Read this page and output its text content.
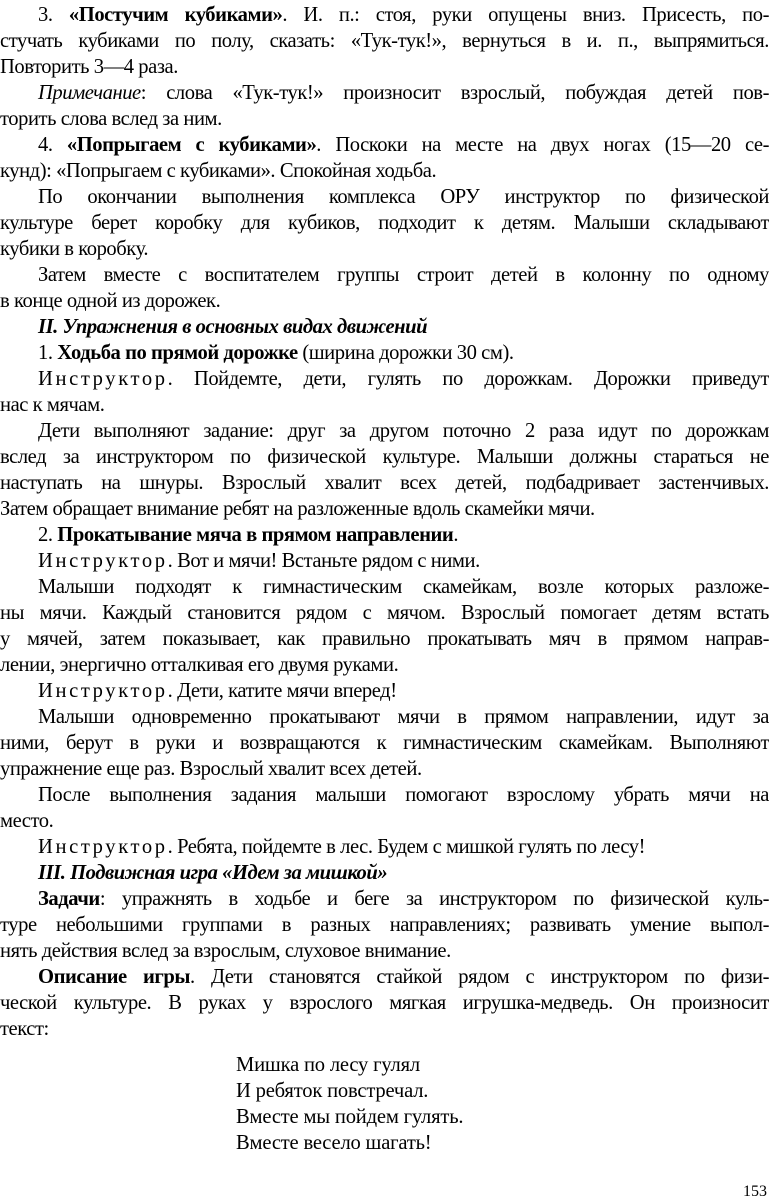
3. «Постучим кубиками». И. п.: стоя, руки опущены вниз. Присесть, по-
стучать кубиками по полу, сказать: «Тук-тук!», вернуться в и. п., выпрямиться.
Повторить 3—4 раза.
Примечание: слова «Тук-тук!» произносит взрослый, побуждая детей пов-
торить слова вслед за ним.
4. «Попрыгаем с кубиками». Поскоки на месте на двух ногах (15—20 се-
кунд): «Попрыгаем с кубиками». Спокойная ходьба.
По окончании выполнения комплекса ОРУ инструктор по физической
культуре берет коробку для кубиков, подходит к детям. Малыши складывают
кубики в коробку.
Затем вместе с воспитателем группы строит детей в колонну по одному
в конце одной из дорожек.
II. Упражнения в основных видах движений
1. Ходьба по прямой дорожке (ширина дорожки 30 см).
Инструктор. Пойдемте, дети, гулять по дорожкам. Дорожки приведут
нас к мячам.
Дети выполняют задание: друг за другом поточно 2 раза идут по дорожкам
вслед за инструктором по физической культуре. Малыши должны стараться не
наступать на шнуры. Взрослый хвалит всех детей, подбадривает застенчивых.
Затем обращает внимание ребят на разложенные вдоль скамейки мячи.
2. Прокатывание мяча в прямом направлении.
Инструктор. Вот и мячи! Встаньте рядом с ними.
Малыши подходят к гимнастическим скамейкам, возле которых разложе-
ны мячи. Каждый становится рядом с мячом. Взрослый помогает детям встать
у мячей, затем показывает, как правильно прокатывать мяч в прямом направ-
лении, энергично отталкивая его двумя руками.
Инструктор. Дети, катите мячи вперед!
Малыши одновременно прокатывают мячи в прямом направлении, идут за
ними, берут в руки и возвращаются к гимнастическим скамейкам. Выполняют
упражнение еще раз. Взрослый хвалит всех детей.
После выполнения задания малыши помогают взрослому убрать мячи на
место.
Инструктор. Ребята, пойдемте в лес. Будем с мишкой гулять по лесу!
III. Подвижная игра «Идем за мишкой»
Задачи: упражнять в ходьбе и беге за инструктором по физической куль-
туре небольшими группами в разных направлениях; развивать умение выпол-
нять действия вслед за взрослым, слуховое внимание.
Описание игры. Дети становятся стайкой рядом с инструктором по физи-
ческой культуре. В руках у взрослого мягкая игрушка-медведь. Он произносит
текст:
Мишка по лесу гулял
И ребяток повстречал.
Вместе мы пойдем гулять.
Вместе весело шагать!
153
